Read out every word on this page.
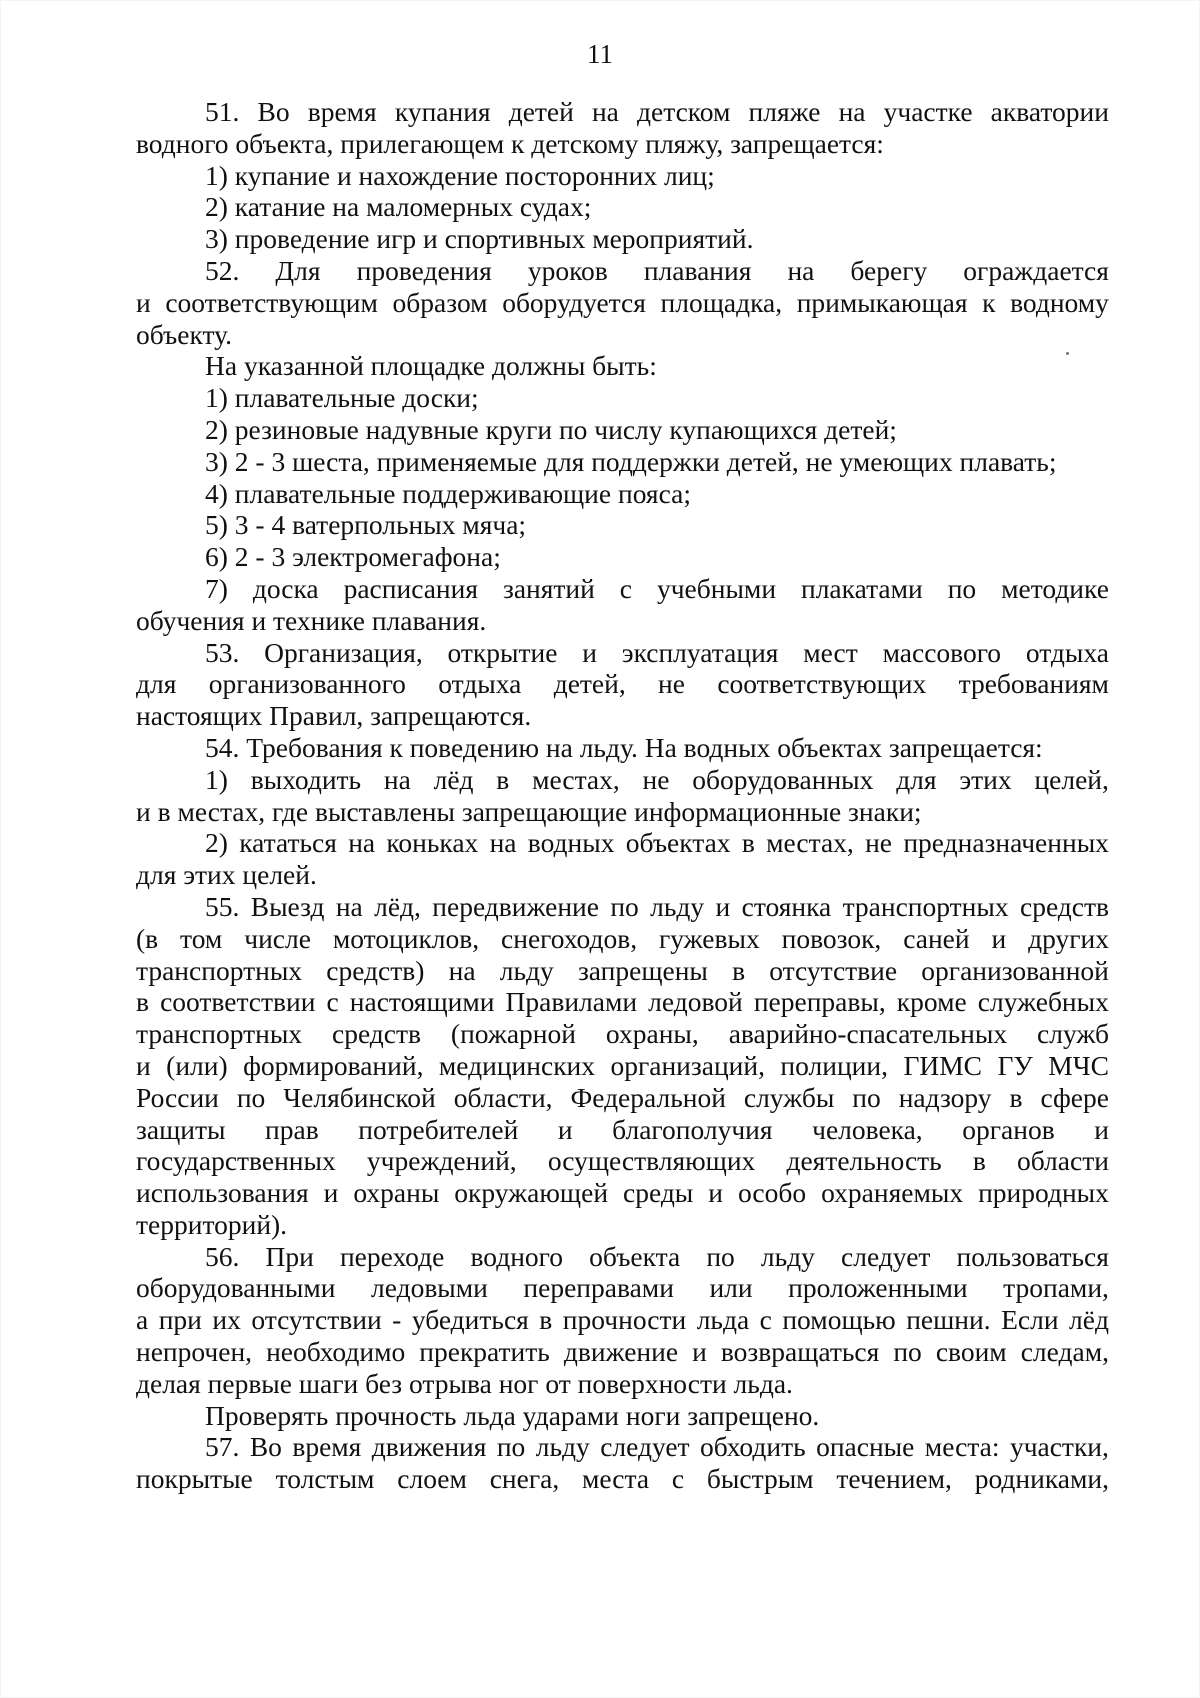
11
51. Во время купания детей на детском пляже на участке акватории
водного объекта, прилегающем к детскому пляжу, запрещается:
1) купание и нахождение посторонних лиц;
2) катание на маломерных судах;
3) проведение игр и спортивных мероприятий.
52. Для проведения уроков плавания на берегу ограждается
и соответствующим образом оборудуется площадка, примыкающая к водному
объекту.
На указанной площадке должны быть:
1) плавательные доски;
2) резиновые надувные круги по числу купающихся детей;
3) 2 - 3 шеста, применяемые для поддержки детей, не умеющих плавать;
4) плавательные поддерживающие пояса;
5) 3 - 4 ватерпольных мяча;
6) 2 - 3 электромегафона;
7) доска расписания занятий с учебными плакатами по методике
обучения и технике плавания.
53. Организация, открытие и эксплуатация мест массового отдыха
для организованного отдыха детей, не соответствующих требованиям
настоящих Правил, запрещаются.
54. Требования к поведению на льду. На водных объектах запрещается:
1) выходить на лёд в местах, не оборудованных для этих целей,
и в местах, где выставлены запрещающие информационные знаки;
2) кататься на коньках на водных объектах в местах, не предназначенных
для этих целей.
55. Выезд на лёд, передвижение по льду и стоянка транспортных средств
(в том числе мотоциклов, снегоходов, гужевых повозок, саней и других
транспортных средств) на льду запрещены в отсутствие организованной
в соответствии с настоящими Правилами ледовой переправы, кроме служебных
транспортных средств (пожарной охраны, аварийно-спасательных служб
и (или) формирований, медицинских организаций, полиции, ГИМС ГУ МЧС
России по Челябинской области, Федеральной службы по надзору в сфере
защиты прав потребителей и благополучия человека, органов и
государственных учреждений, осуществляющих деятельность в области
использования и охраны окружающей среды и особо охраняемых природных
территорий).
56. При переходе водного объекта по льду следует пользоваться
оборудованными ледовыми переправами или проложенными тропами,
а при их отсутствии - убедиться в прочности льда с помощью пешни. Если лёд
непрочен, необходимо прекратить движение и возвращаться по своим следам,
делая первые шаги без отрыва ног от поверхности льда.
Проверять прочность льда ударами ноги запрещено.
57. Во время движения по льду следует обходить опасные места: участки,
покрытые толстым слоем снега, места с быстрым течением, родниками,
